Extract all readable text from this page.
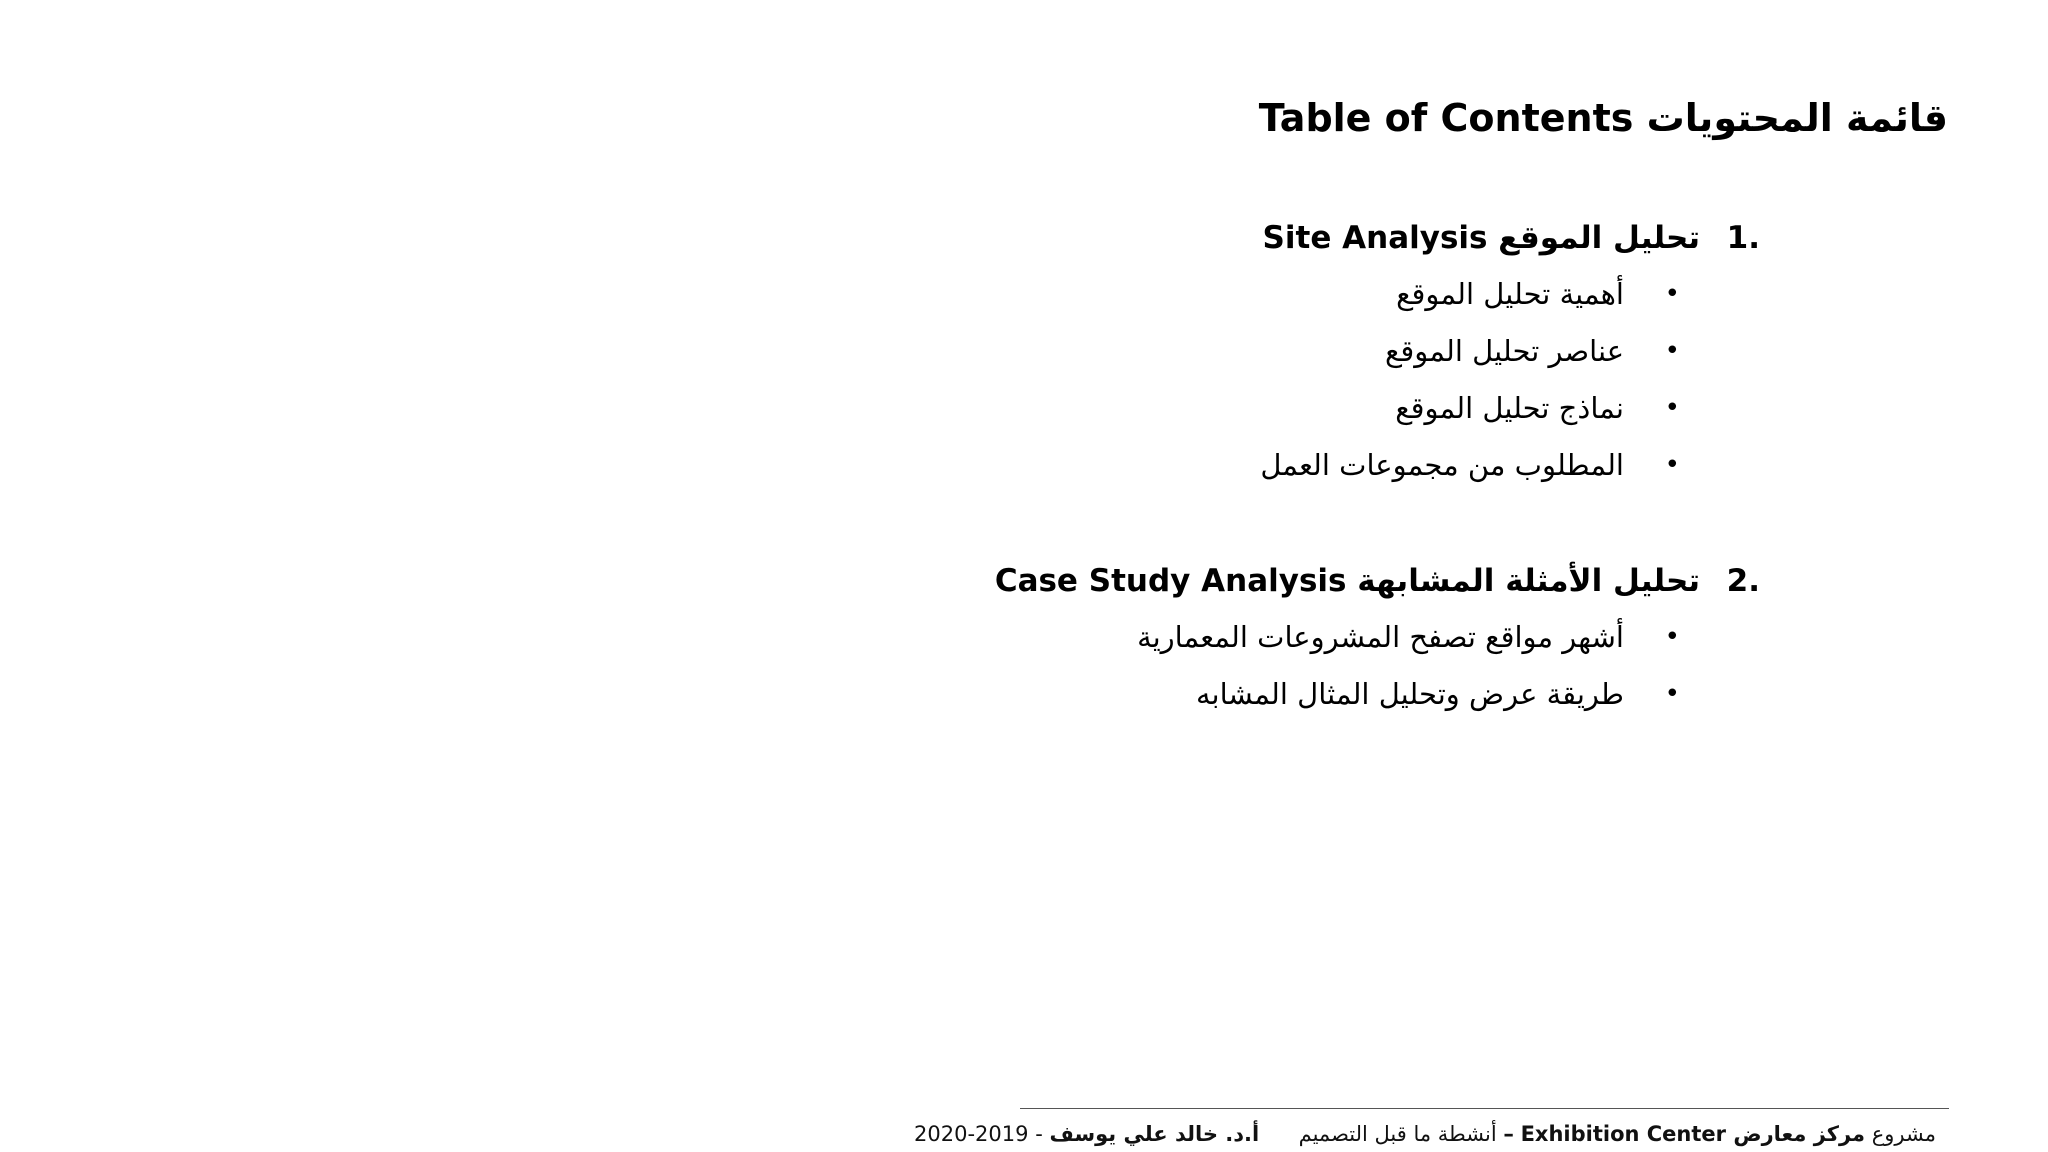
قائمة المحتويات Table of Contents
1.
تحليل الموقع Site Analysis
•
أهمية تحليل الموقع
•
عناصر تحليل الموقع
•
نماذج تحليل الموقع
•
المطلوب من مجموعات العمل
2.
تحليل الأمثلة المشابهة Case Study Analysis
•
أشهر مواقع تصفح المشروعات المعمارية
•
طريقة عرض وتحليل المثال المشابه
مشروع مركز معارض Exhibition Center – أنشطة ما قبل التصميم  أ.د. خالد علي يوسف - 2019-2020
